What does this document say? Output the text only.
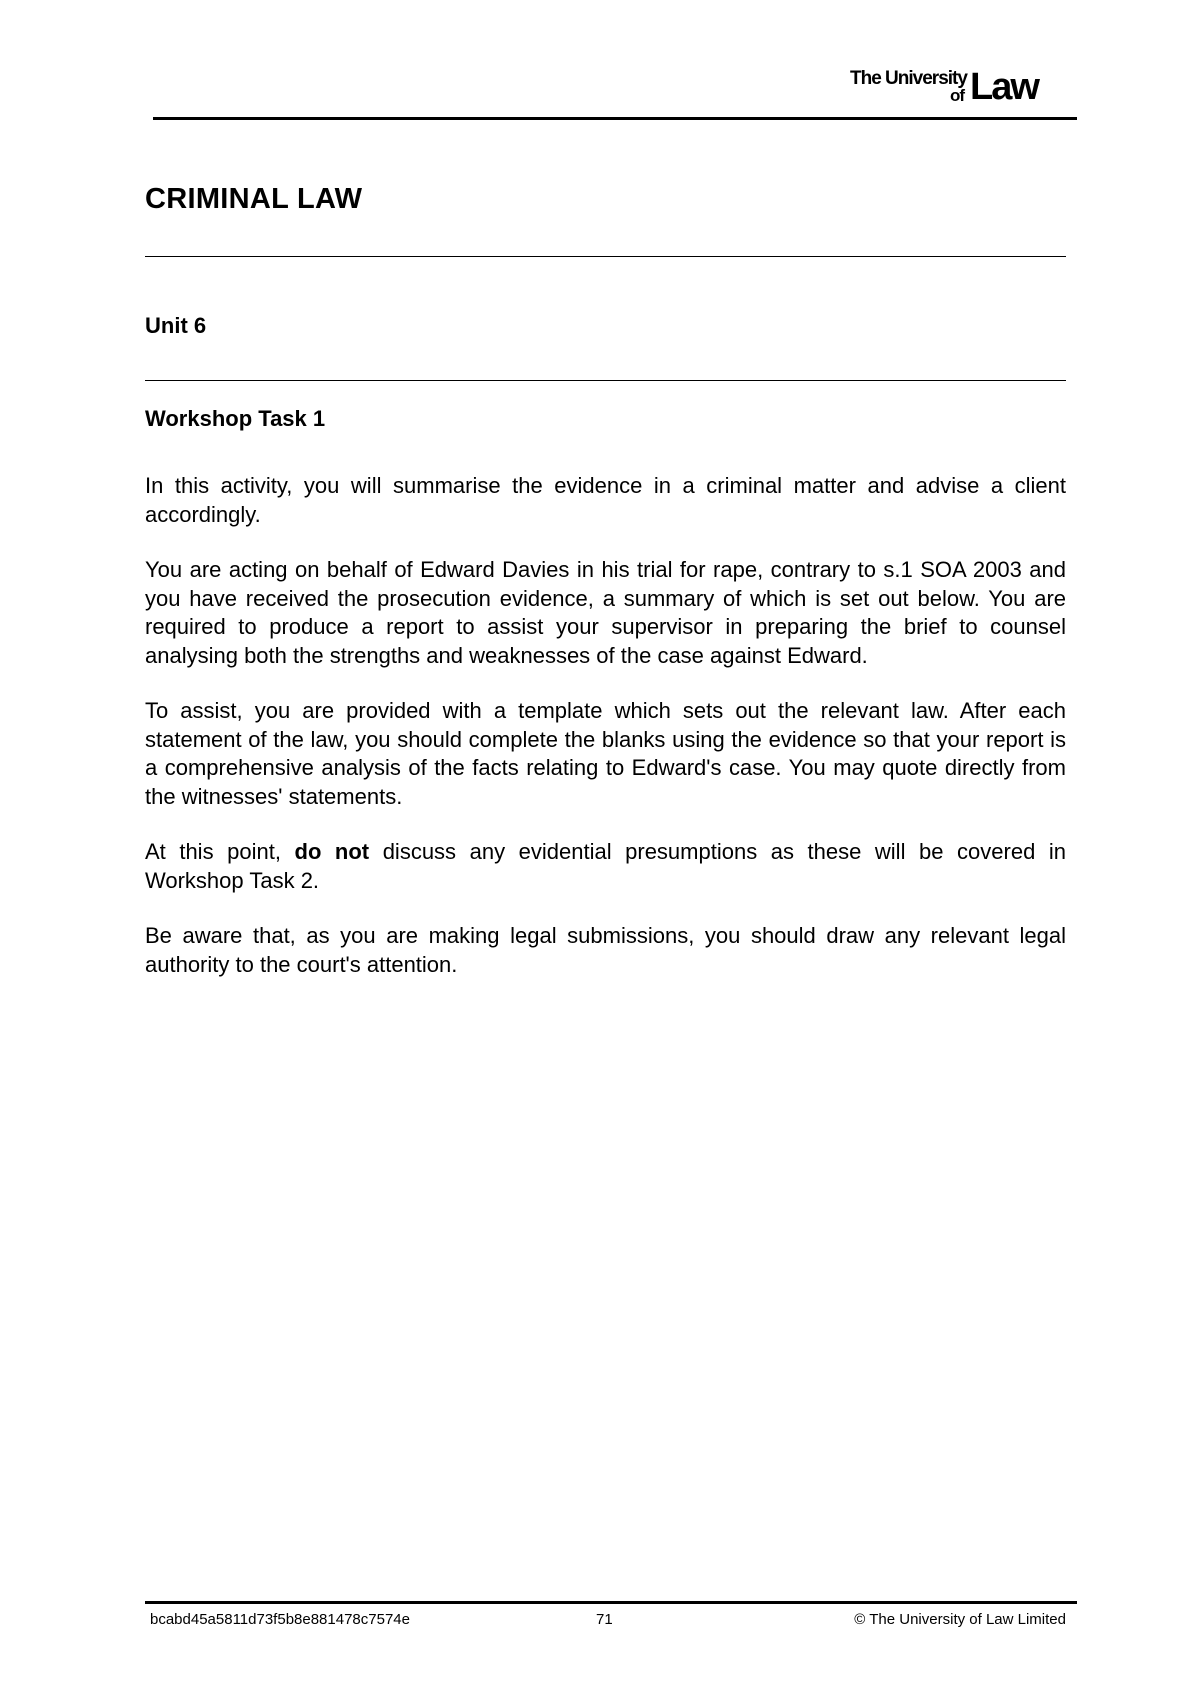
The University
of Law
CRIMINAL LAW
Unit 6
Workshop Task 1

In this activity, you will summarise the evidence in a criminal matter and advise a client accordingly.

You are acting on behalf of Edward Davies in his trial for rape, contrary to s.1 SOA 2003 and you have received the prosecution evidence, a summary of which is set out below. You are required to produce a report to assist your supervisor in preparing the brief to counsel analysing both the strengths and weaknesses of the case against Edward.

To assist, you are provided with a template which sets out the relevant law. After each statement of the law, you should complete the blanks using the evidence so that your report is a comprehensive analysis of the facts relating to Edward's case. You may quote directly from the witnesses' statements.

At this point, do not discuss any evidential presumptions as these will be covered in Workshop Task 2.

Be aware that, as you are making legal submissions, you should draw any relevant legal authority to the court's attention.

bcabd45a5811d73f5b8e881478c7574e	71	© The University of Law Limited
